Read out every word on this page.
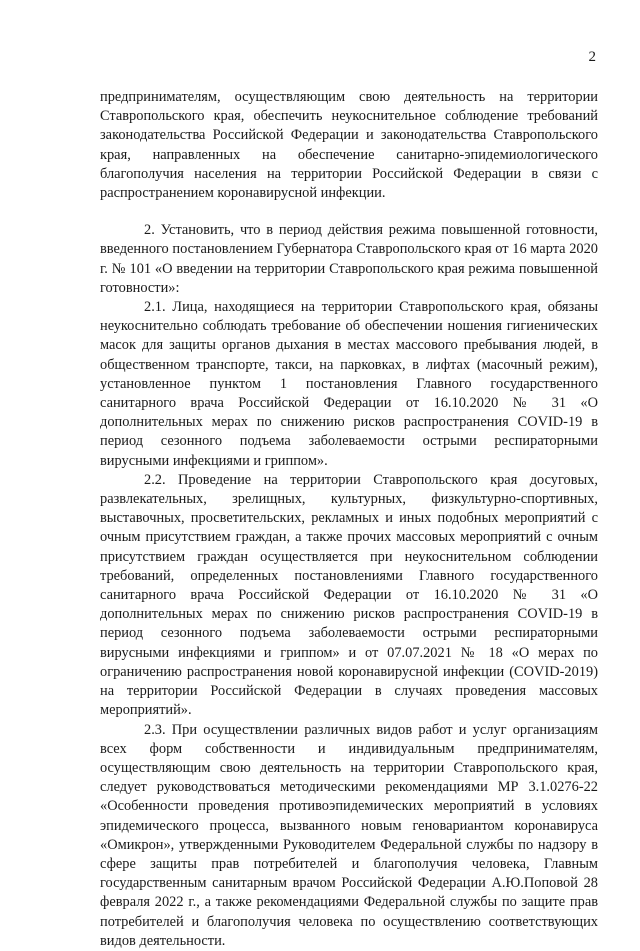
2

предпринимателям, осуществляющим свою деятельность на территории Ставропольского края, обеспечить неукоснительное соблюдение требований законодательства Российской Федерации и законодательства Ставропольского края, направленных на обеспечение санитарно-эпидемиологического благополучия населения на территории Российской Федерации в связи с распространением коронавирусной инфекции.

2. Установить, что в период действия режима повышенной готовности, введенного постановлением Губернатора Ставропольского края от 16 марта 2020 г. № 101 «О введении на территории Ставропольского края режима повышенной готовности»:

2.1. Лица, находящиеся на территории Ставропольского края, обязаны неукоснительно соблюдать требование об обеспечении ношения гигиенических масок для защиты органов дыхания в местах массового пребывания людей, в общественном транспорте, такси, на парковках, в лифтах (масочный режим), установленное пунктом 1 постановления Главного государственного санитарного врача Российской Федерации от 16.10.2020 № 31 «О дополнительных мерах по снижению рисков распространения COVID-19 в период сезонного подъема заболеваемости острыми респираторными вирусными инфекциями и гриппом».

2.2. Проведение на территории Ставропольского края досуговых, развлекательных, зрелищных, культурных, физкультурно-спортивных, выставочных, просветительских, рекламных и иных подобных мероприятий с очным присутствием граждан, а также прочих массовых мероприятий с очным присутствием граждан осуществляется при неукоснительном соблюдении требований, определенных постановлениями Главного государственного санитарного врача Российской Федерации от 16.10.2020 № 31 «О дополнительных мерах по снижению рисков распространения COVID-19 в период сезонного подъема заболеваемости острыми респираторными вирусными инфекциями и гриппом» и от 07.07.2021 № 18 «О мерах по ограничению распространения новой коронавирусной инфекции (COVID-2019) на территории Российской Федерации в случаях проведения массовых мероприятий».

2.3. При осуществлении различных видов работ и услуг организациям всех форм собственности и индивидуальным предпринимателям, осуществляющим свою деятельность на территории Ставропольского края, следует руководствоваться методическими рекомендациями МР 3.1.0276-22 «Особенности проведения противоэпидемических мероприятий в условиях эпидемического процесса, вызванного новым геновариантом коронавируса «Омикрон», утвержденными Руководителем Федеральной службы по надзору в сфере защиты прав потребителей и благополучия человека, Главным государственным санитарным врачом Российской Федерации А.Ю.Поповой 28 февраля 2022 г., а также рекомендациями Федеральной службы по защите прав потребителей и благополучия человека по осуществлению соответствующих видов деятельности.
